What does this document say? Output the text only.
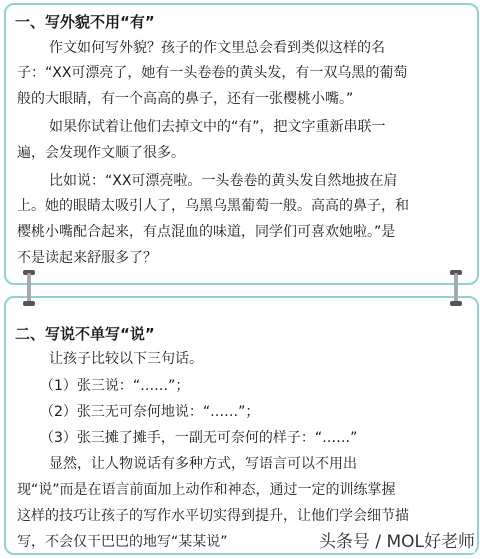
一、写外貌不用“有”
作文如何写外貌？孩子的作文里总会看到类似这样的名
子：“XX可漂亮了，她有一头卷卷的黄头发，有一双乌黑的葡萄
般的大眼睛，有一个高高的鼻子，还有一张樱桃小嘴。”
如果你试着让他们去掉文中的“有”，把文字重新串联一
遍，会发现作文顺了很多。
比如说：“XX可漂亮啦。一头卷卷的黄头发自然地披在肩
上。她的眼睛太吸引人了，乌黑乌黑葡萄一般。高高的鼻子，和
樱桃小嘴配合起来，有点混血的味道，同学们可喜欢她啦。”是
不是读起来舒服多了？
二、写说不单写“说”
让孩子比较以下三句话。
（1）张三说：“……”；
（2）张三无可奈何地说：“……”；
（3）张三摊了摊手，一副无可奈何的样子：“……”
显然，让人物说话有多种方式，写语言可以不用出
现“说”而是在语言前面加上动作和神态，通过一定的训练掌握
这样的技巧让孩子的写作水平切实得到提升，让他们学会细节描
写，不会仅干巴巴的地写“某某说”	头条号 / MOL好老师
